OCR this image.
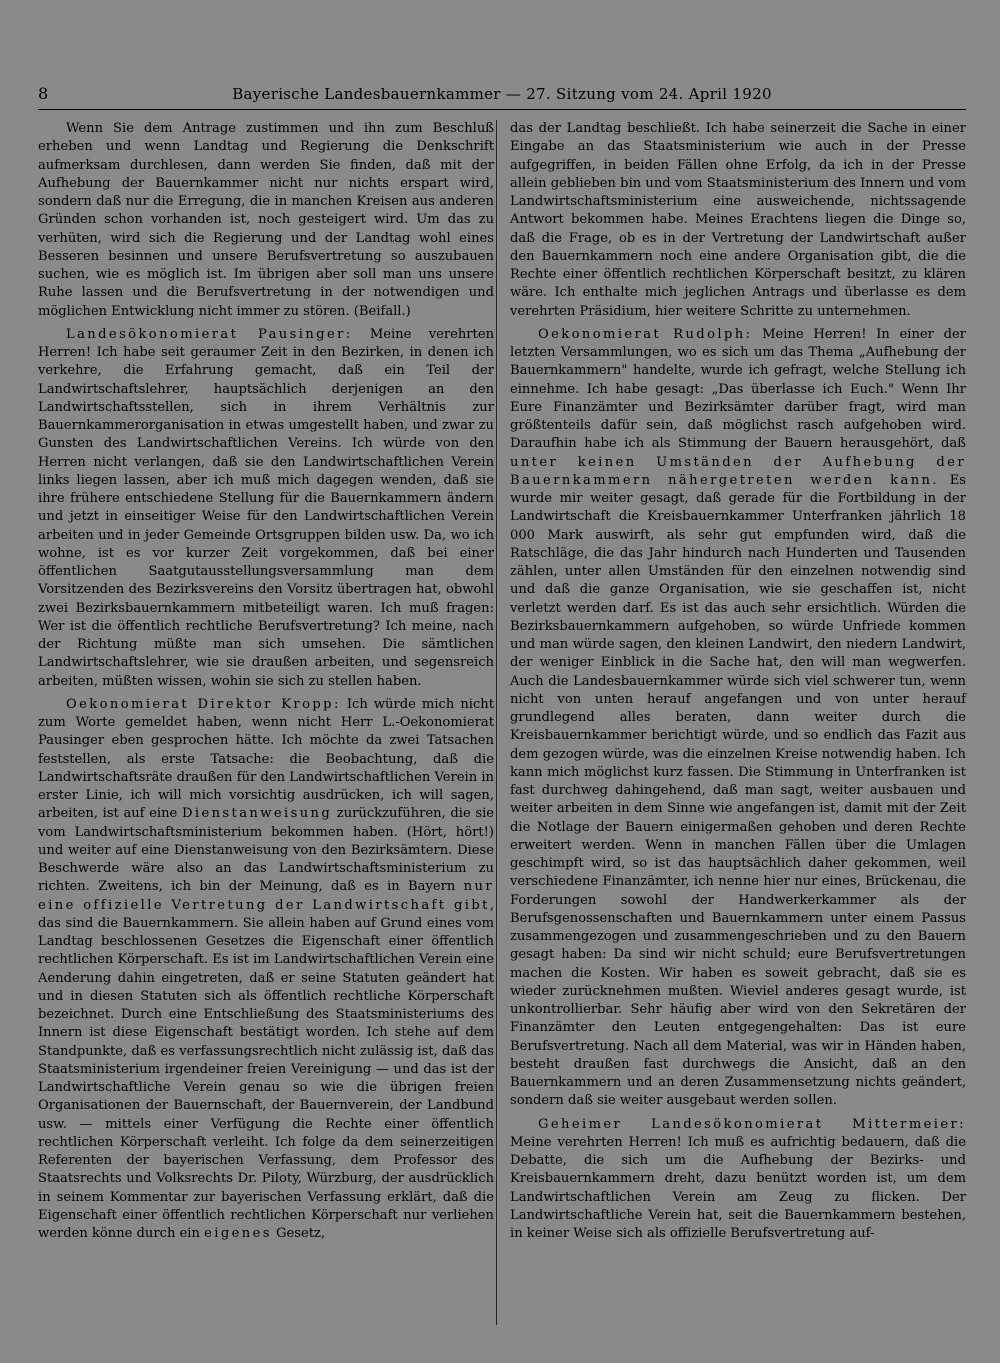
8	Bayerische Landesbauernkammer — 27. Sitzung vom 24. April 1920

Wenn Sie dem Antrage zustimmen und ihn zum Beschluß erheben und wenn Landtag und Regierung die Denkschrift aufmerksam durchlesen, dann werden Sie finden, daß mit der Aufhebung der Bauernkammer nicht nur nichts erspart wird, sondern daß nur die Erregung, die in manchen Kreisen aus anderen Gründen schon vorhanden ist, noch gesteigert wird. Um das zu verhüten, wird sich die Regierung und der Landtag wohl eines Besseren besinnen und unsere Berufsvertretung so auszubauen suchen, wie es möglich ist. Im übrigen aber soll man uns unsere Ruhe lassen und die Berufsvertretung in der notwendigen und möglichen Entwicklung nicht immer zu stören. (Beifall.)

Landesökonomierat Pausinger: Meine verehrten Herren! Ich habe seit geraumer Zeit in den Bezirken, in denen ich verkehre, die Erfahrung gemacht, daß ein Teil der Landwirtschaftslehrer, hauptsächlich derjenigen an den Landwirtschaftsstellen, sich in ihrem Verhältnis zur Bauernkammerorganisation in etwas umgestellt haben, und zwar zu Gunsten des Landwirtschaftlichen Vereins. Ich würde von den Herren nicht verlangen, daß sie den Landwirtschaftlichen Verein links liegen lassen, aber ich muß mich dagegen wenden, daß sie ihre frühere entschiedene Stellung für die Bauernkammern ändern und jetzt in einseitiger Weise für den Landwirtschaftlichen Verein arbeiten und in jeder Gemeinde Ortsgruppen bilden usw. Da, wo ich wohne, ist es vor kurzer Zeit vorgekommen, daß bei einer öffentlichen Saatgutausstellungsversammlung man dem Vorsitzenden des Bezirksvereins den Vorsitz übertragen hat, obwohl zwei Bezirksbauernkammern mitbeteiligt waren. Ich muß fragen: Wer ist die öffentlich rechtliche Berufsvertretung? Ich meine, nach der Richtung müßte man sich umsehen. Die sämtlichen Landwirtschaftslehrer, wie sie draußen arbeiten, und segensreich arbeiten, müßten wissen, wohin sie sich zu stellen haben.

Oekonomierat Direktor Kropp: Ich würde mich nicht zum Worte gemeldet haben, wenn nicht Herr L.-Oekonomierat Pausinger eben gesprochen hätte. Ich möchte da zwei Tatsachen feststellen, als erste Tatsache: die Beobachtung, daß die Landwirtschaftsräte draußen für den Landwirtschaftlichen Verein in erster Linie, ich will mich vorsichtig ausdrücken, ich will sagen, arbeiten, ist auf eine Dienstanweisung zurückzuführen, die sie vom Landwirtschaftsministerium bekommen haben. (Hört, hört!) und weiter auf eine Dienstanweisung von den Bezirksämtern. Diese Beschwerde wäre also an das Landwirtschaftsministerium zu richten. Zweitens, ich bin der Meinung, daß es in Bayern nur eine offizielle Vertretung der Landwirtschaft gibt, das sind die Bauernkammern. Sie allein haben auf Grund eines vom Landtag beschlossenen Gesetzes die Eigenschaft einer öffentlich rechtlichen Körperschaft. Es ist im Landwirtschaftlichen Verein eine Aenderung dahin eingetreten, daß er seine Statuten geändert hat und in diesen Statuten sich als öffentlich rechtliche Körperschaft bezeichnet. Durch eine Entschließung des Staatsministeriums des Innern ist diese Eigenschaft bestätigt worden. Ich stehe auf dem Standpunkte, daß es verfassungsrechtlich nicht zulässig ist, daß das Staatsministerium irgendeiner freien Vereinigung — und das ist der Landwirtschaftliche Verein genau so wie die übrigen freien Organisationen der Bauernschaft, der Bauernverein, der Landbund usw. — mittels einer Verfügung die Rechte einer öffentlich rechtlichen Körperschaft verleiht. Ich folge da dem seinerzeitigen Referenten der bayerischen Verfassung, dem Professor des Staatsrechts und Volksrechts Dr. Piloty, Würzburg, der ausdrücklich in seinem Kommentar zur bayerischen Verfassung erklärt, daß die Eigenschaft einer öffentlich rechtlichen Körperschaft nur verliehen werden könne durch ein eigenes Gesetz,

das der Landtag beschließt. Ich habe seinerzeit die Sache in einer Eingabe an das Staatsministerium wie auch in der Presse aufgegriffen, in beiden Fällen ohne Erfolg, da ich in der Presse allein geblieben bin und vom Staatsministerium des Innern und vom Landwirtschaftsministerium eine ausweichende, nichtssagende Antwort bekommen habe. Meines Erachtens liegen die Dinge so, daß die Frage, ob es in der Vertretung der Landwirtschaft außer den Bauernkammern noch eine andere Organisation gibt, die die Rechte einer öffentlich rechtlichen Körperschaft besitzt, zu klären wäre. Ich enthalte mich jeglichen Antrags und überlasse es dem verehrten Präsidium, hier weitere Schritte zu unternehmen.

Oekonomierat Rudolph: Meine Herren! In einer der letzten Versammlungen, wo es sich um das Thema „Aufhebung der Bauernkammern" handelte, wurde ich gefragt, welche Stellung ich einnehme. Ich habe gesagt: „Das überlasse ich Euch." Wenn Ihr Eure Finanzämter und Bezirksämter darüber fragt, wird man größtenteils dafür sein, daß möglichst rasch aufgehoben wird. Daraufhin habe ich als Stimmung der Bauern herausgehört, daß unter keinen Umständen der Aufhebung der Bauernkammern nähergetreten werden kann. Es wurde mir weiter gesagt, daß gerade für die Fortbildung in der Landwirtschaft die Kreisbauernkammer Unterfranken jährlich 18 000 Mark auswirft, als sehr gut empfunden wird, daß die Ratschläge, die das Jahr hindurch nach Hunderten und Tausenden zählen, unter allen Umständen für den einzelnen notwendig sind und daß die ganze Organisation, wie sie geschaffen ist, nicht verletzt werden darf. Es ist das auch sehr ersichtlich. Würden die Bezirksbauernkammern aufgehoben, so würde Unfriede kommen und man würde sagen, den kleinen Landwirt, den niedern Landwirt, der weniger Einblick in die Sache hat, den will man wegwerfen. Auch die Landesbauernkammer würde sich viel schwerer tun, wenn nicht von unten herauf angefangen und von unter herauf grundlegend alles beraten, dann weiter durch die Kreisbauernkammer berichtigt würde, und so endlich das Fazit aus dem gezogen würde, was die einzelnen Kreise notwendig haben. Ich kann mich möglichst kurz fassen. Die Stimmung in Unterfranken ist fast durchweg dahingehend, daß man sagt, weiter ausbauen und weiter arbeiten in dem Sinne wie angefangen ist, damit mit der Zeit die Notlage der Bauern einigermaßen gehoben und deren Rechte erweitert werden. Wenn in manchen Fällen über die Umlagen geschimpft wird, so ist das hauptsächlich daher gekommen, weil verschiedene Finanzämter, ich nenne hier nur eines, Brückenau, die Forderungen sowohl der Handwerkerkammer als der Berufsgenossenschaften und Bauernkammern unter einem Passus zusammengezogen und zusammengeschrieben und zu den Bauern gesagt haben: Da sind wir nicht schuld; eure Berufsvertretungen machen die Kosten. Wir haben es soweit gebracht, daß sie es wieder zurücknehmen mußten. Wieviel anderes gesagt wurde, ist unkontrollierbar. Sehr häufig aber wird von den Sekretären der Finanzämter den Leuten entgegengehalten: Das ist eure Berufsvertretung. Nach all dem Material, was wir in Händen haben, besteht draußen fast durchwegs die Ansicht, daß an den Bauernkammern und an deren Zusammensetzung nichts geändert, sondern daß sie weiter ausgebaut werden sollen.

Geheimer Landesökonomierat Mittermeier: Meine verehrten Herren! Ich muß es aufrichtig bedauern, daß die Debatte, die sich um die Aufhebung der Bezirks- und Kreisbauernkammern dreht, dazu benützt worden ist, um dem Landwirtschaftlichen Verein am Zeug zu flicken. Der Landwirtschaftliche Verein hat, seit die Bauernkammern bestehen, in keiner Weise sich als offizielle Berufsvertretung auf-
